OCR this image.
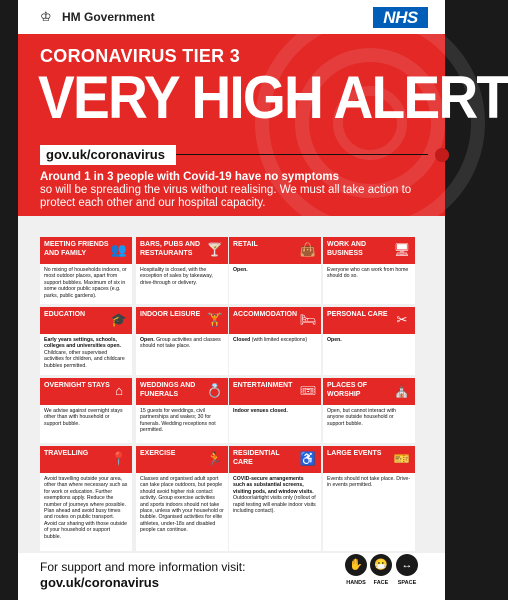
♔ HM Government	NHS
CORONAVIRUS TIER 3
VERY HIGH ALERT
gov.uk/coronavirus
Around 1 in 3 people with Covid-19 have no symptoms
so will be spreading the virus without realising. We must all take action to protect each other and our hospital capacity.
MEETING FRIENDS AND FAMILY	👥
No mixing of households indoors, or most outdoor places, apart from support bubbles. Maximum of six in some outdoor public spaces (e.g. parks, public gardens).
BARS, PUBS AND RESTAURANTS	🍸
Hospitality is closed, with the exception of sales by takeaway, drive-through or delivery.
RETAIL	👜
Open.
WORK AND BUSINESS	🖥
Everyone who can work from home should do so.
EDUCATION	🎓
Early years settings, schools, colleges and universities open. Childcare, other supervised activities for children, and childcare bubbles permitted.
INDOOR LEISURE 🏋
Open. Group activities and classes should not take place.
ACCOMMODATION 🛏
Closed (with limited exceptions)
PERSONAL CARE ✂
Open.
OVERNIGHT STAYS ⌂
We advise against overnight stays other than with household or support bubble.
WEDDINGS AND FUNERALS	💍
15 guests for weddings, civil partnerships and wakes; 30 for funerals. Wedding receptions not permitted.
ENTERTAINMENT 🎟
Indoor venues closed.
PLACES OF WORSHIP	⛪
Open, but cannot interact with anyone outside household or support bubble.
TRAVELLING	📍
Avoid travelling outside your area, other than where necessary such as for work or education. Further exemptions apply. Reduce the number of journeys where possible. Plan ahead and avoid busy times and routes on public transport. Avoid car sharing with those outside of your household or support bubble.
EXERCISE	🏃
Classes and organised adult sport can take place outdoors, but people should avoid higher risk contact activity. Group exercise activities and sports indoors should not take place, unless with your household or bubble. Organised activities for elite athletes, under-18s and disabled people can continue.
RESIDENTIAL CARE	♿
COVID-secure arrangements such as substantial screens, visiting pods, and window visits. Outdoor/airtight visits only (rollout of rapid testing will enable indoor visits including contact).
LARGE EVENTS 🎫
Events should not take place. Drive-in events permitted.
For support and more information visit:
gov.uk/coronavirus
✋
HANDS
😷
FACE
↔
SPACE
